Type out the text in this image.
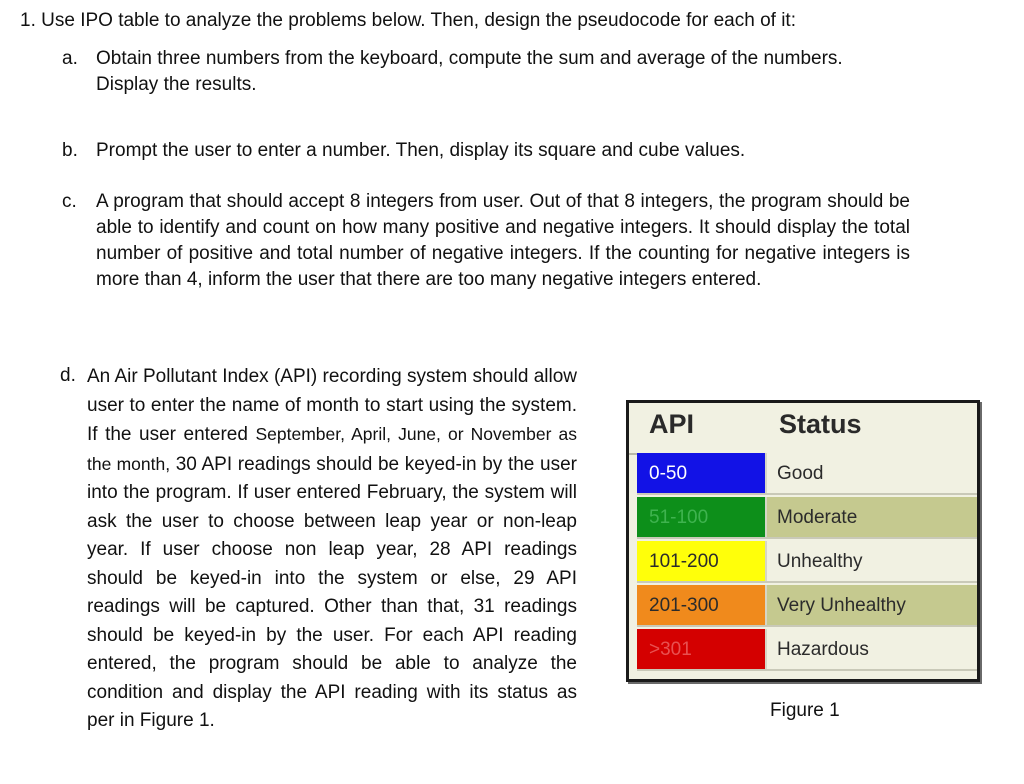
1. Use IPO table to analyze the problems below. Then, design the pseudocode for each of it:
a. Obtain three numbers from the keyboard, compute the sum and average of the numbers. Display the results.
b. Prompt the user to enter a number. Then, display its square and cube values.
c. A program that should accept 8 integers from user. Out of that 8 integers, the program should be able to identify and count on how many positive and negative integers. It should display the total number of positive and total number of negative integers. If the counting for negative integers is more than 4, inform the user that there are too many negative integers entered.
d. An Air Pollutant Index (API) recording system should allow user to enter the name of month to start using the system. If the user entered September, April, June, or November as the month, 30 API readings should be keyed-in by the user into the program. If user entered February, the system will ask the user to choose between leap year or non-leap year. If user choose non leap year, 28 API readings should be keyed-in into the system or else, 29 API readings will be captured. Other than that, 31 readings should be keyed-in by the user. For each API reading entered, the program should be able to analyze the condition and display the API reading with its status as per in Figure 1.
API	Status
0-50	Good
51-100	Moderate
101-200	Unhealthy
201-300	Very Unhealthy
>301	Hazardous
Figure 1
